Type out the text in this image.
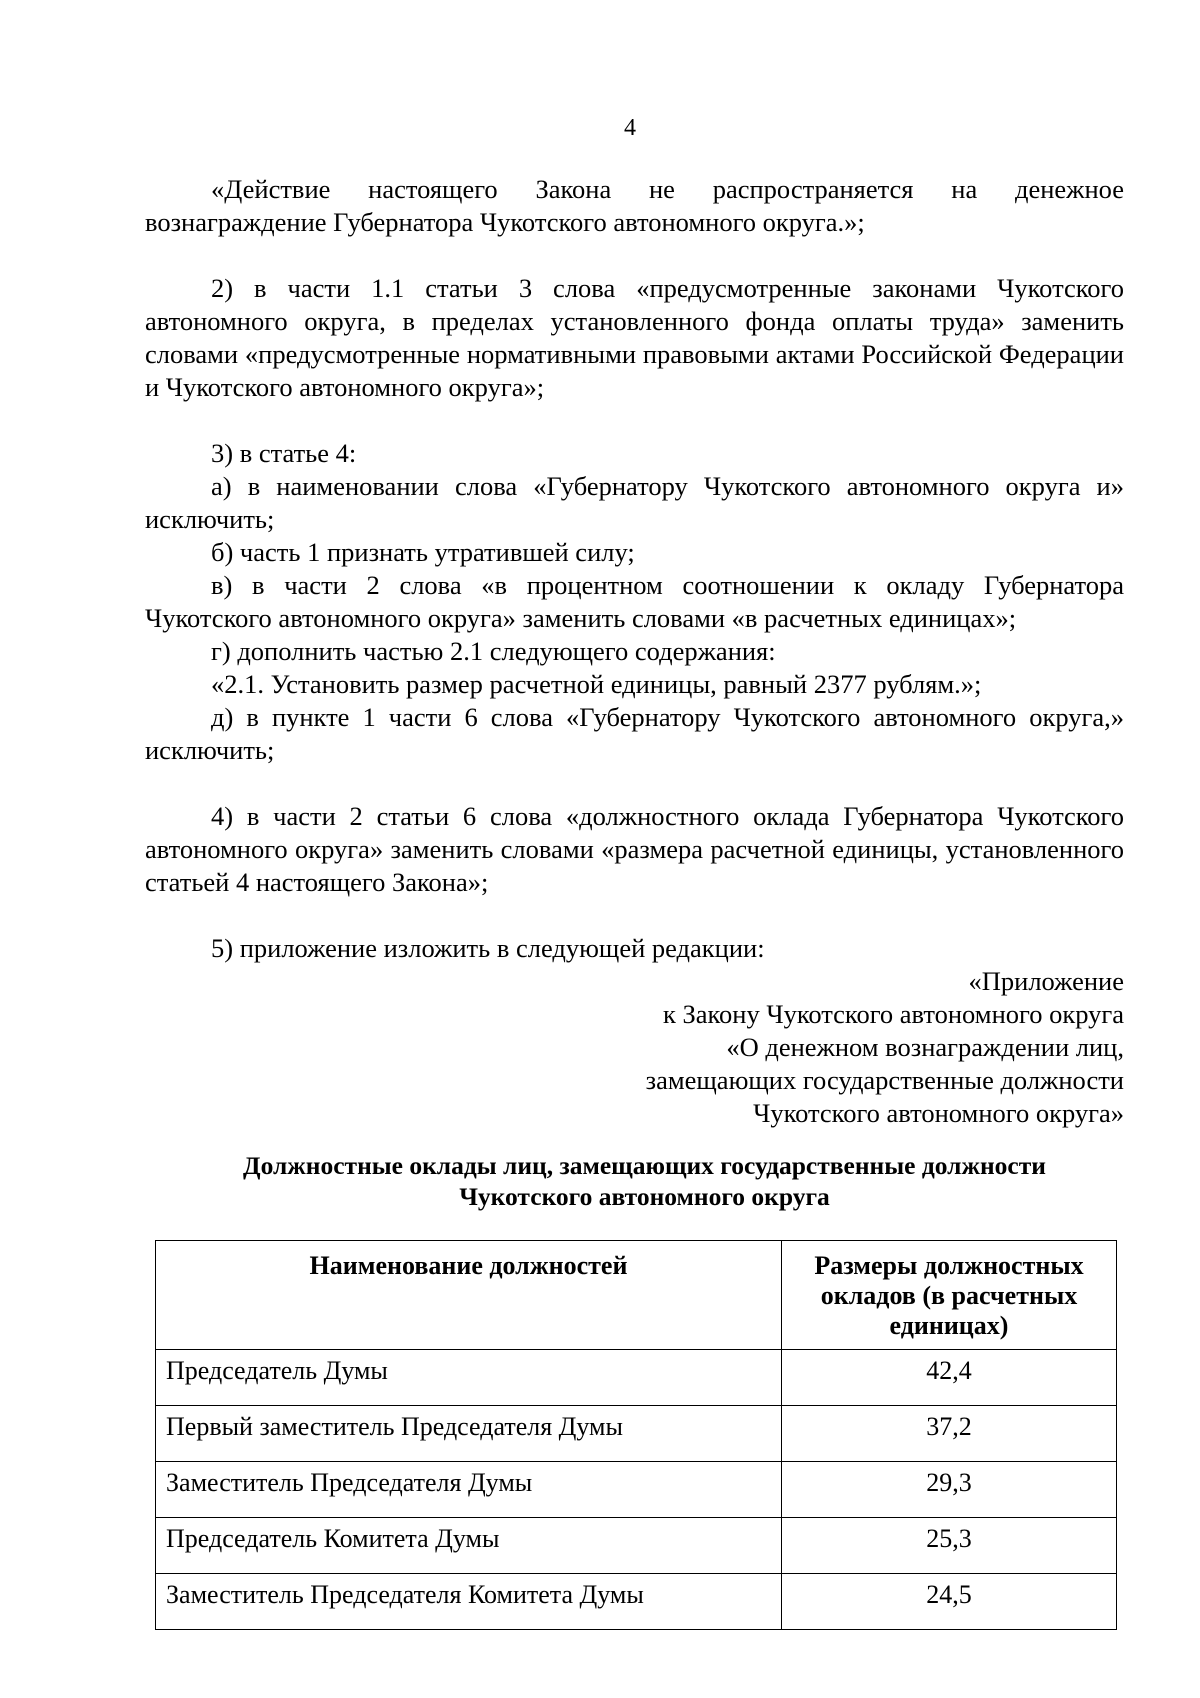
4

«Действие настоящего Закона не распространяется на денежное вознаграждение Губернатора Чукотского автономного округа.»;

2) в части 1.1 статьи 3 слова «предусмотренные законами Чукотского автономного округа, в пределах установленного фонда оплаты труда» заменить словами «предусмотренные нормативными правовыми актами Российской Федерации и Чукотского автономного округа»;

3) в статье 4:

а) в наименовании слова «Губернатору Чукотского автономного округа и» исключить;

б) часть 1 признать утратившей силу;

в) в части 2 слова «в процентном соотношении к окладу Губернатора Чукотского автономного округа» заменить словами «в расчетных единицах»;

г) дополнить частью 2.1 следующего содержания:

«2.1. Установить размер расчетной единицы, равный 2377 рублям.»;

д) в пункте 1 части 6 слова «Губернатору Чукотского автономного округа,» исключить;

4) в части 2 статьи 6 слова «должностного оклада Губернатора Чукотского автономного округа» заменить словами «размера расчетной единицы, установленного статьей 4 настоящего Закона»;

5) приложение изложить в следующей редакции:

«Приложение
к Закону Чукотского автономного округа
«О денежном вознаграждении лиц,
замещающих государственные должности
Чукотского автономного округа»
Должностные оклады лиц, замещающих государственные должности
Чукотского автономного округа
Наименование должностей	Размеры должностных
окладов (в расчетных
единицах)

Председатель Думы	42,4
Первый заместитель Председателя Думы	37,2
Заместитель Председателя Думы	29,3
Председатель Комитета Думы	25,3
Заместитель Председателя Комитета Думы	24,5
